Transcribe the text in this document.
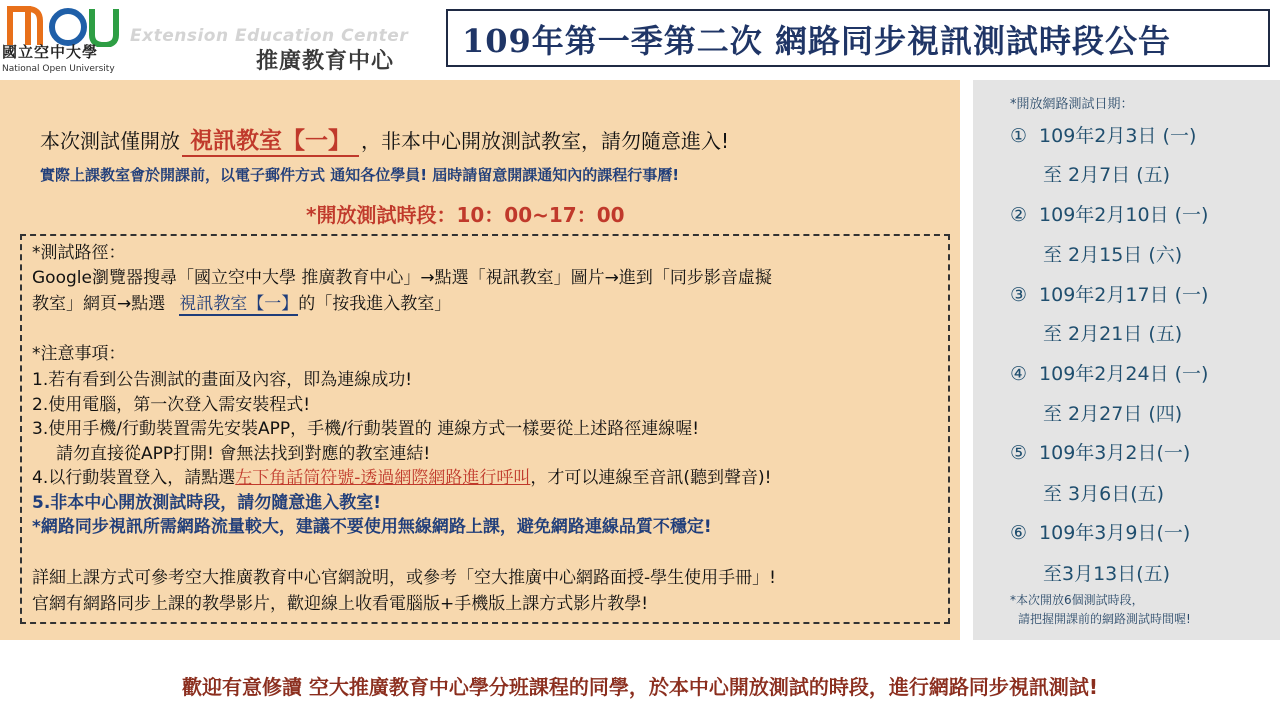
國立空中大學
National Open University
Extension Education Center
推廣教育中心
109年第一季第二次 網路同步視訊測試時段公告
本次測試僅開放 視訊教室【一】 ，非本中心開放測試教室，請勿隨意進入!
實際上課教室會於開課前，以電子郵件方式 通知各位學員! 屆時請留意開課通知內的課程行事曆!
*開放測試時段：10：00~17：00
*測試路徑：
Google瀏覽器搜尋「國立空中大學 推廣教育中心」→點選「視訊教室」圖片→進到「同步影音虛擬
教室」網頁→點選 視訊教室【一】的「按我進入教室」
*注意事項：
1.若有看到公告測試的畫面及內容，即為連線成功!
2.使用電腦，第一次登入需安裝程式!
3.使用手機/行動裝置需先安裝APP，手機/行動裝置的 連線方式一樣要從上述路徑連線喔!
請勿直接從APP打開! 會無法找到對應的教室連結!
4.以行動裝置登入，請點選左下角話筒符號-透過網際網路進行呼叫，才可以連線至音訊(聽到聲音)!
5.非本中心開放測試時段，請勿隨意進入教室!
*網路同步視訊所需網路流量較大，建議不要使用無線網路上課，避免網路連線品質不穩定!
詳細上課方式可參考空大推廣教育中心官網說明，或參考「空大推廣中心網路面授-學生使用手冊」!
官網有網路同步上課的教學影片，歡迎線上收看電腦版+手機版上課方式影片教學!
*開放網路測試日期：
① 109年2月3日 (一)
至 2月7日 (五)
② 109年2月10日 (一)
至 2月15日 (六)
③ 109年2月17日 (一)
至 2月21日 (五)
④ 109年2月24日 (一)
至 2月27日 (四)
⑤ 109年3月2日(一)
至 3月6日(五)
⑥ 109年3月9日(一)
至3月13日(五)
*本次開放6個測試時段，
請把握開課前的網路測試時間喔!
歡迎有意修讀 空大推廣教育中心學分班課程的同學，於本中心開放測試的時段，進行網路同步視訊測試!
